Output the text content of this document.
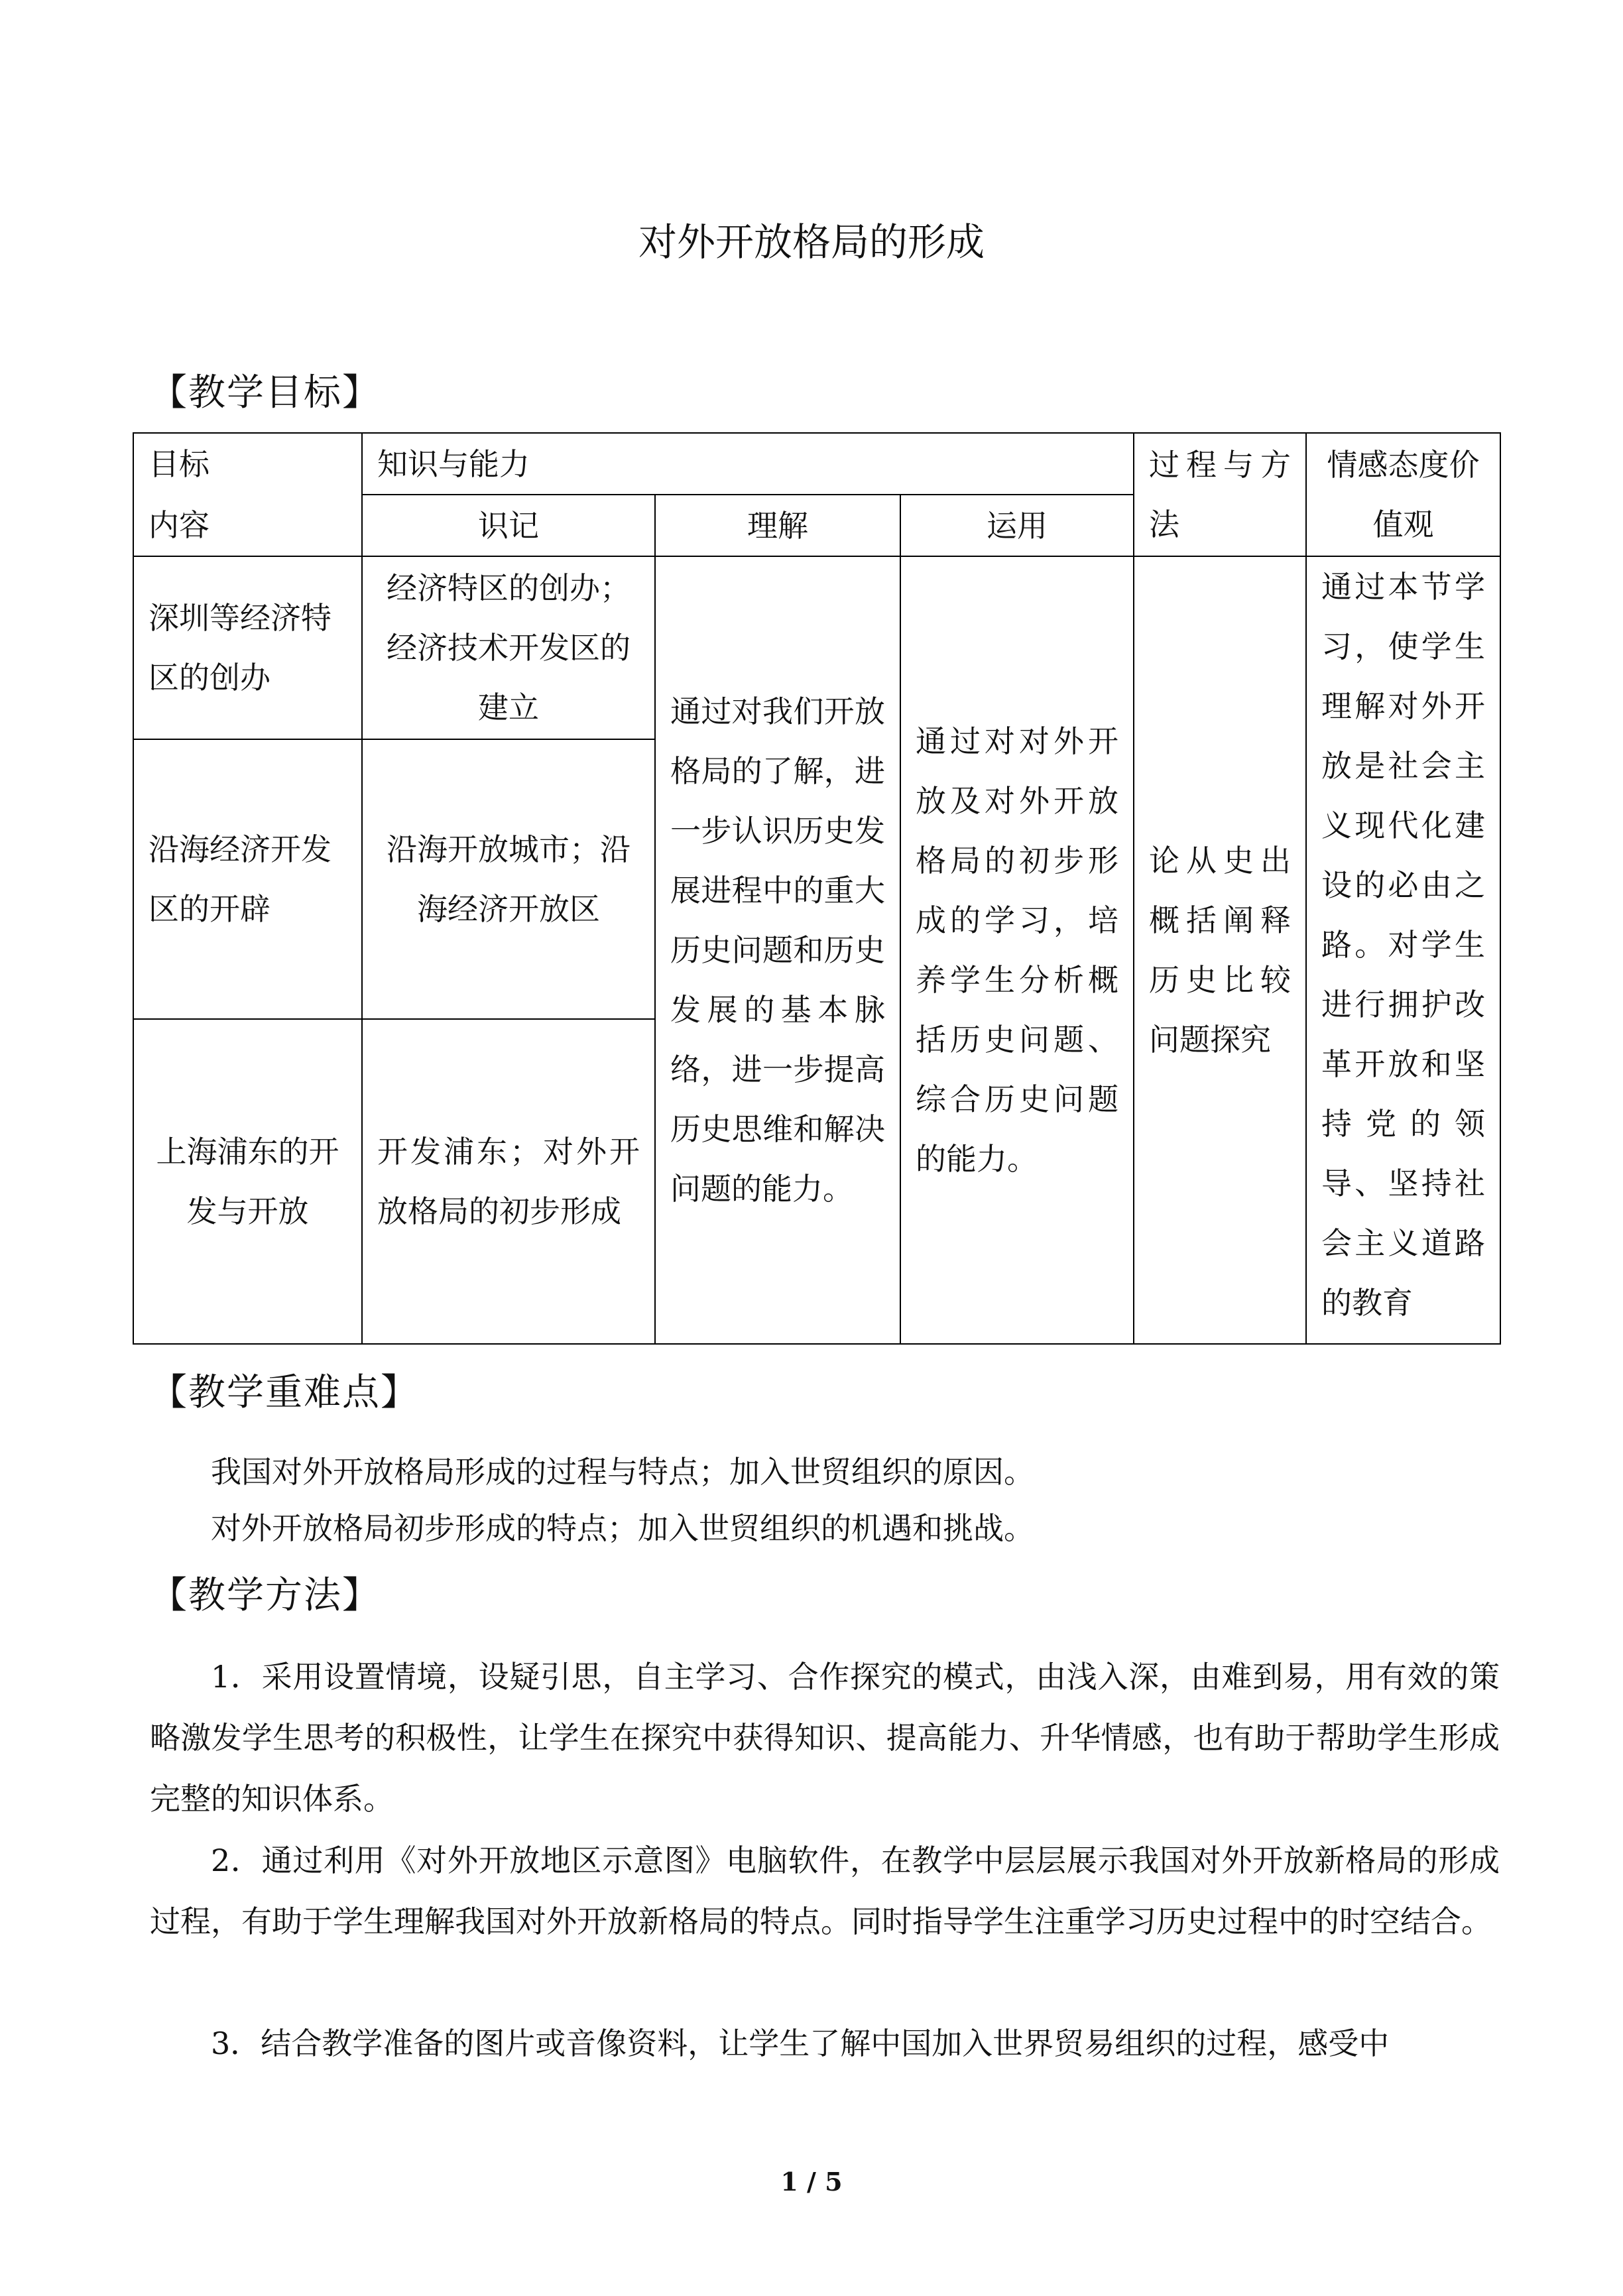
对外开放格局的形成
【教学目标】
目标
内容	知识与能力			过程与方法	情感态度价值观
	识记	理解	运用		
深圳等经济特区的创办	经济特区的创办；经济技术开发区的建立	通过对我们开放格局的了解，进一步认识历史发展进程中的重大历史问题和历史发展的基本脉络，进一步提高历史思维和解决问题的能力。	通过对对外开放及对外开放格局的初步形成的学习，培养学生分析概括历史问题、综合历史问题的能力。	论从史出概括阐释历史比较问题探究	通过本节学习，使学生理解对外开放是社会主义现代化建设的必由之路。对学生进行拥护改革开放和坚持党的领导、坚持社会主义道路的教育
沿海经济开发区的开辟	沿海开放城市；沿海经济开放区				
上海浦东的开发与开放	开发浦东；对外开放格局的初步形成				
【教学重难点】
我国对外开放格局形成的过程与特点；加入世贸组织的原因。
对外开放格局初步形成的特点；加入世贸组织的机遇和挑战。
【教学方法】
1．采用设置情境，设疑引思，自主学习、合作探究的模式，由浅入深，由难到易，用有效的策略激发学生思考的积极性，让学生在探究中获得知识、提高能力、升华情感，也有助于帮助学生形成完整的知识体系。
2．通过利用《对外开放地区示意图》电脑软件，在教学中层层展示我国对外开放新格局的形成过程，有助于学生理解我国对外开放新格局的特点。同时指导学生注重学习历史过程中的时空结合。
3．结合教学准备的图片或音像资料，让学生了解中国加入世界贸易组织的过程，感受中
1 / 5
